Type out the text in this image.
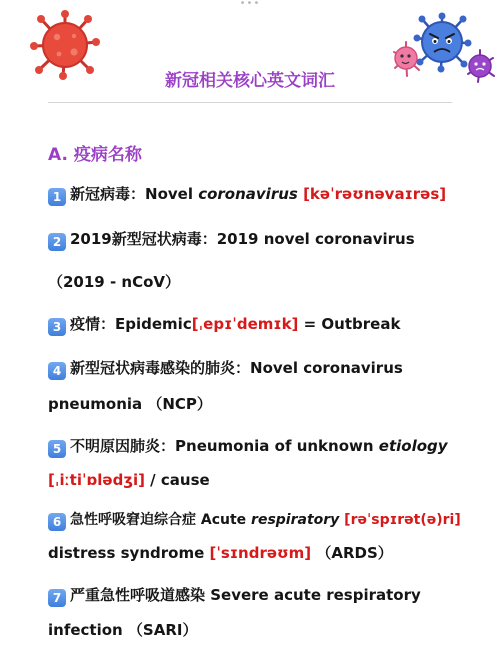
•••
新冠相关核心英文词汇
A. 疫病名称
1 新冠病毒：Novel coronavirus [kəˈrəʊnəvaɪrəs]
2 2019新型冠状病毒：2019 novel coronavirus
（2019 - nCoV）
3 疫情：Epidemic[ˌepɪˈdemɪk] = Outbreak
4 新型冠状病毒感染的肺炎：Novel coronavirus
pneumonia （NCP）
5 不明原因肺炎：Pneumonia of unknown etiology
[ˌiːtiˈɒlədʒi] / cause
6 急性呼吸窘迫综合症 Acute respiratory [rəˈspɪrət(ə)ri]
distress syndrome [ˈsɪndrəʊm] （ARDS）
7 严重急性呼吸道感染 Severe acute respiratory
infection （SARI）
